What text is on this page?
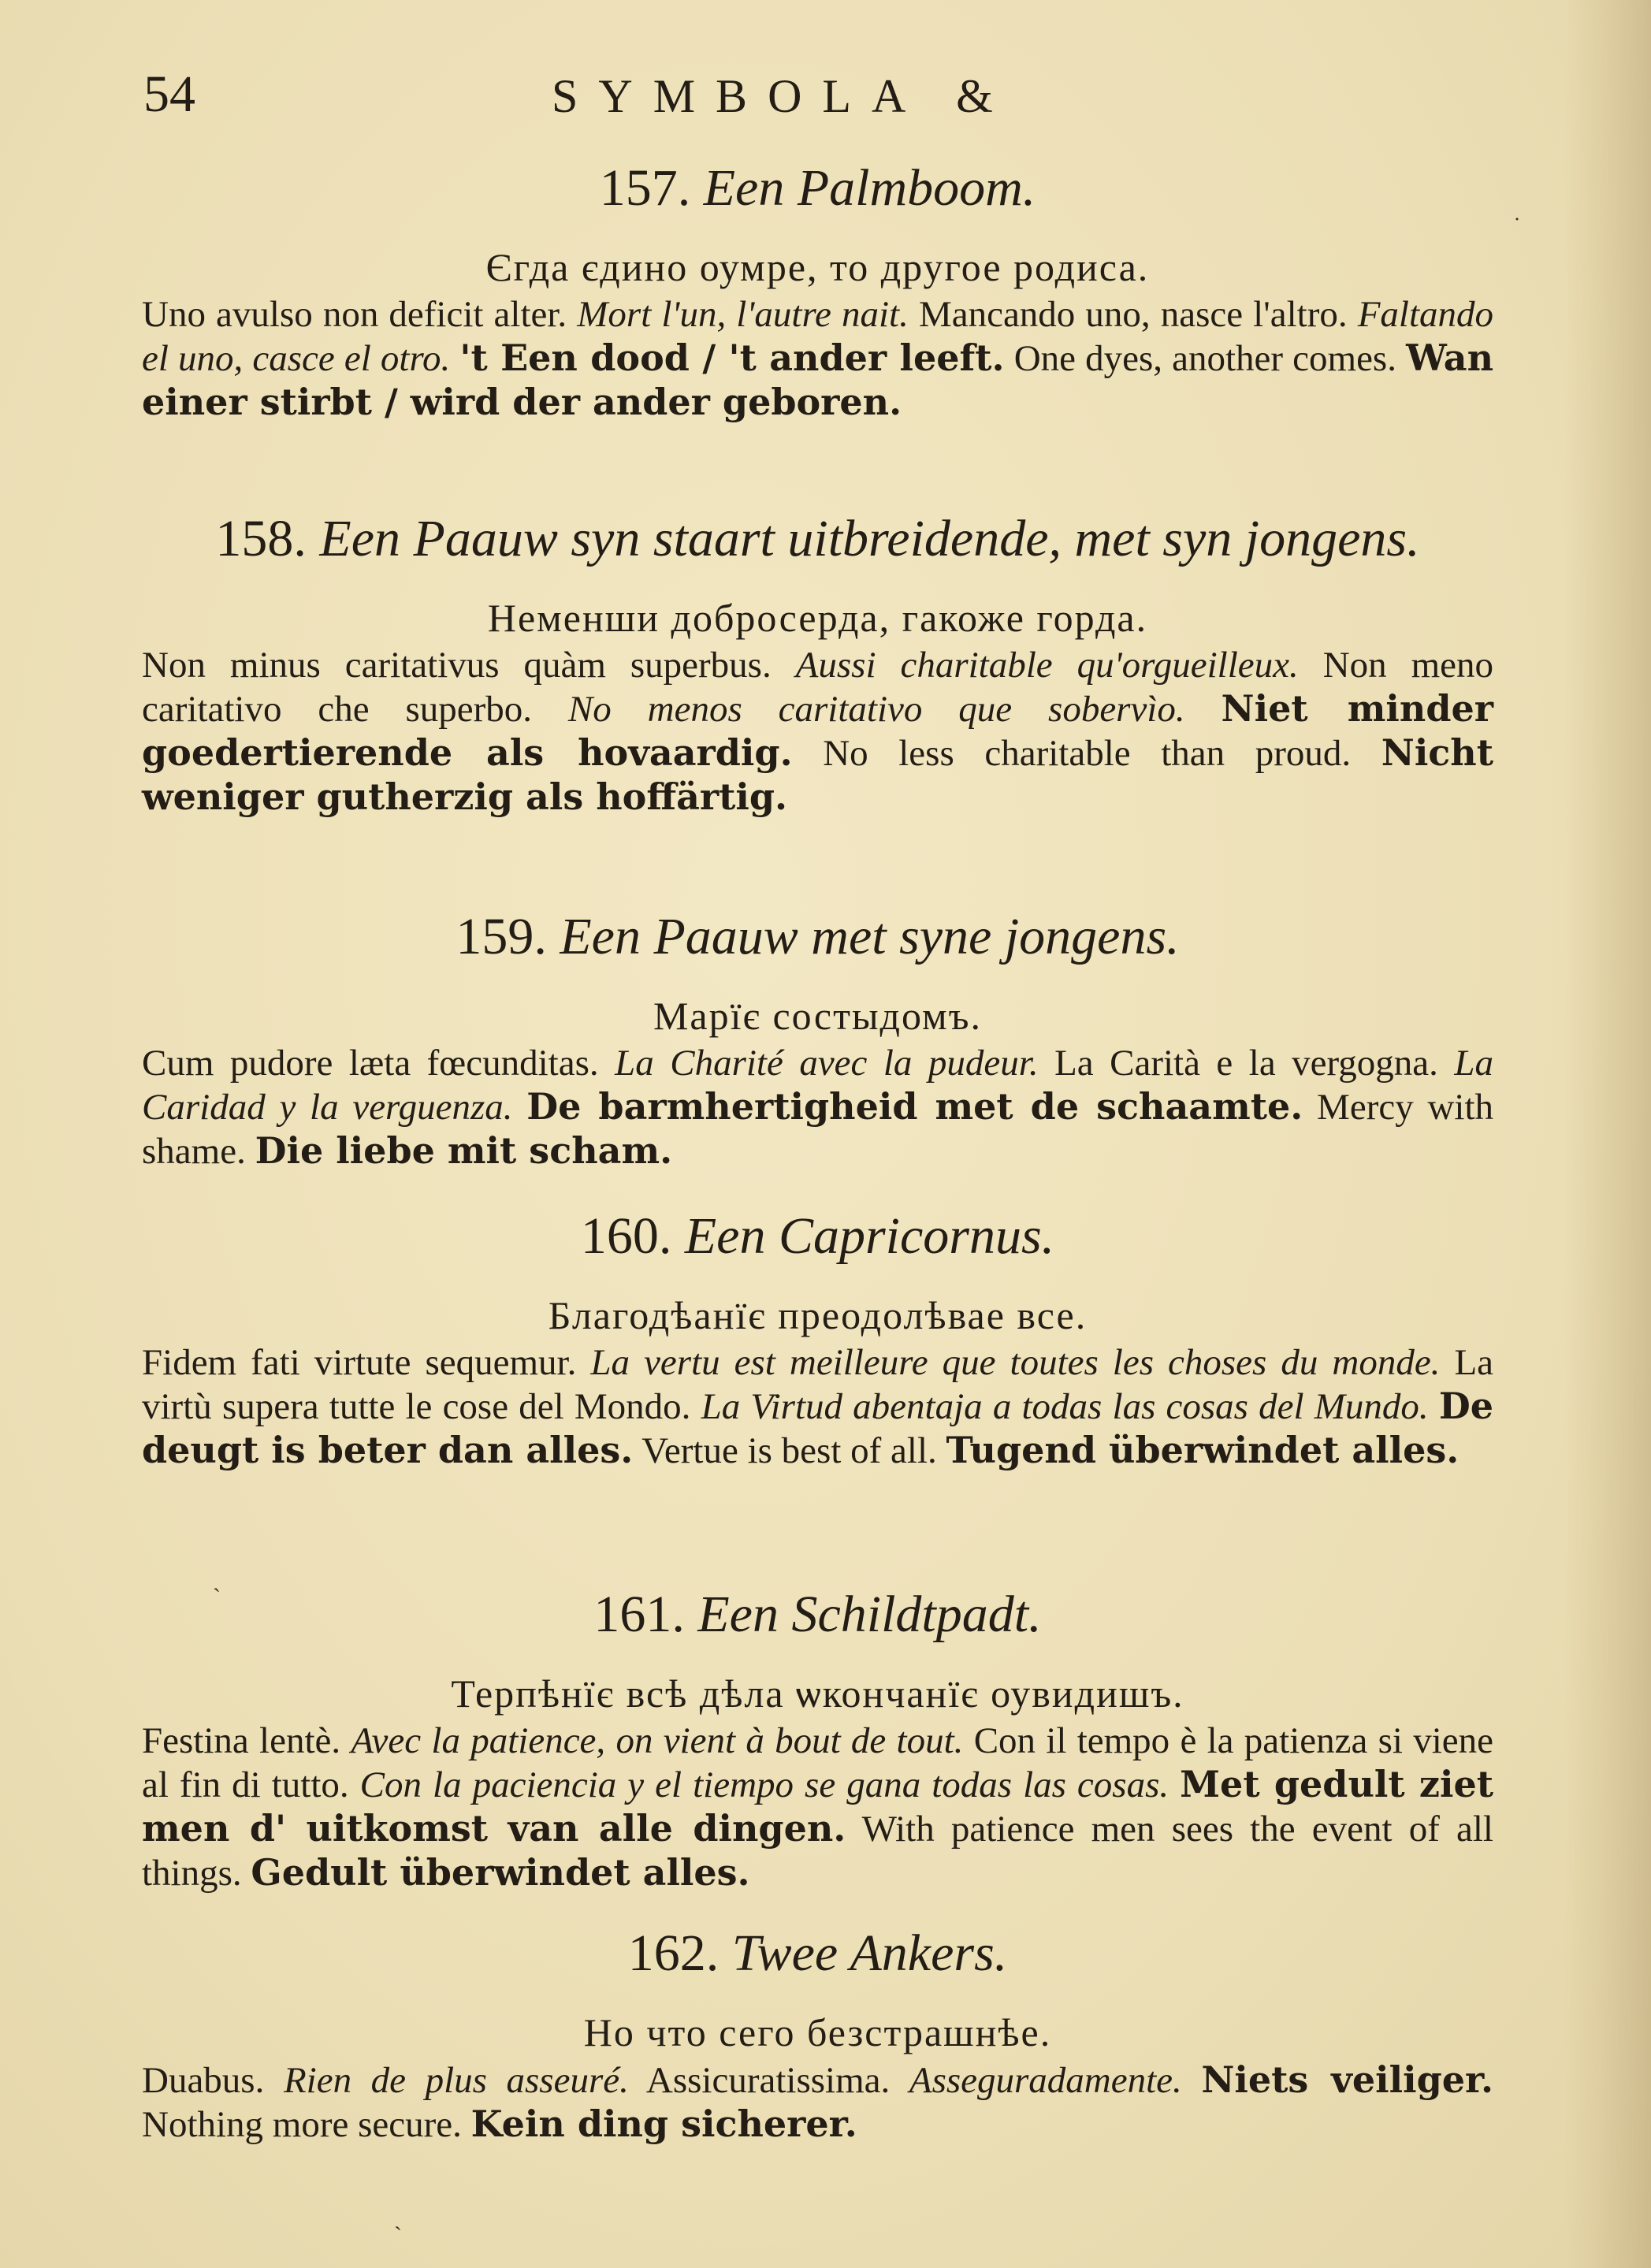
54	SYMBOLA &

157. Een Palmboom.

Єгда єдино оумре, то другое родиса.

Uno avulso non deficit alter. Mort l'un, l'autre nait. Mancando uno, nasce l'altro. Faltando el uno, casce el otro. 't Een dood / 't ander leeft. One dyes, another comes. Wan einer stirbt / wird der ander geboren.

158. Een Paauw syn staart uitbreidende, met syn jongens.

Неменши добросерда, гакоже горда.

Non minus caritativus quàm superbus. Aussi charitable qu'orgueilleux. Non meno caritativo che superbo. No menos caritativo que sobervìo. Niet minder goedertierende als hovaardig. No less charitable than proud. Nicht weniger gutherzig als hoffärtig.

159. Een Paauw met syne jongens.

Марїє состыдомъ.

Cum pudore læta fœcunditas. La Charité avec la pudeur. La Carità e la vergogna. La Caridad y la verguenza. De barmhertigheid met de schaamte. Mercy with shame. Die liebe mit scham.

160. Een Capricornus.

Благодѣанїє преодолѣвае все.

Fidem fati virtute sequemur. La vertu est meilleure que toutes les choses du monde. La virtù supera tutte le cose del Mondo. La Virtud abentaja a todas las cosas del Mundo. De deugt is beter dan alles. Vertue is best of all. Tugend überwindet alles.

161. Een Schildtpadt.

Терпѣнїє всѣ дѣла ѡкончанїє оувидишъ.

Festina lentè. Avec la patience, on vient à bout de tout. Con il tempo è la patienza si viene al fin di tutto. Con la paciencia y el tiempo se gana todas las cosas. Met gedult ziet men d' uitkomst van alle dingen. With patience men sees the event of all things. Gedult überwindet alles.

162. Twee Ankers.

Но что сего безстрашнѣе.

Duabus. Rien de plus asseuré. Assicuratissima. Asseguradamente. Niets veiliger. Nothing more secure. Kein ding sicherer.

˙
`
`
